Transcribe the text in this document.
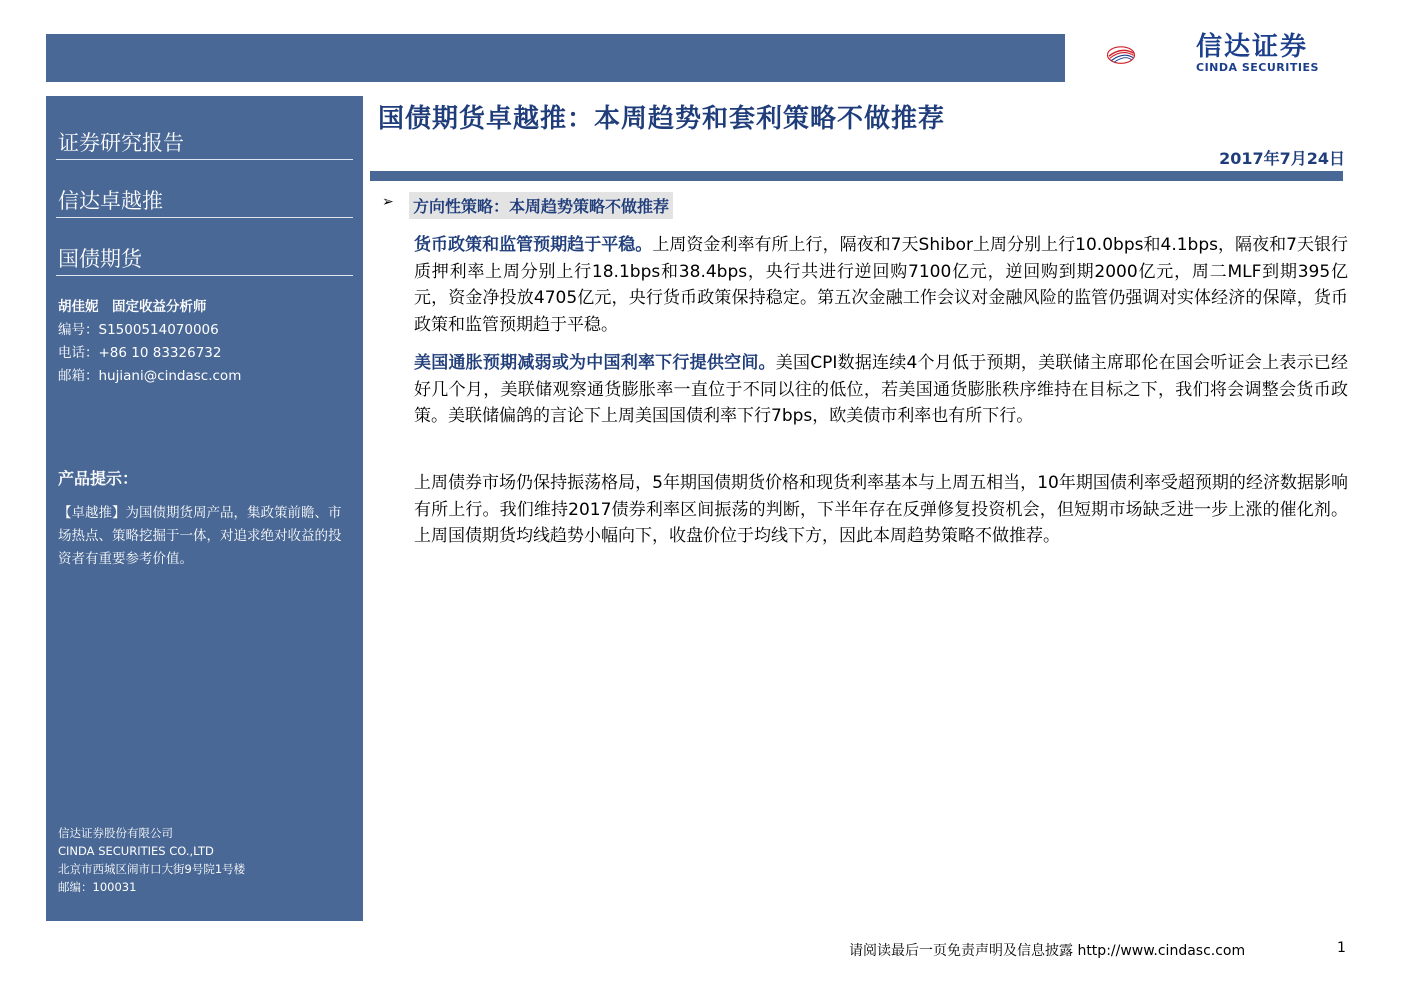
信达证券
CINDA SECURITIES
证券研究报告
信达卓越推
国债期货
胡佳妮　固定收益分析师
编号：S1500514070006
电话：+86 10 83326732
邮箱：hujiani@cindasc.com
产品提示：
【卓越推】为国债期货周产品，集政策前瞻、市场热点、策略挖掘于一体，对追求绝对收益的投资者有重要参考价值。
信达证券股份有限公司
CINDA SECURITIES CO.,LTD
北京市西城区闹市口大街9号院1号楼
邮编：100031
国债期货卓越推：本周趋势和套利策略不做推荐
2017年7月24日
➢ 方向性策略：本周趋势策略不做推荐
货币政策和监管预期趋于平稳。上周资金利率有所上行，隔夜和7天Shibor上周分别上行10.0bps和4.1bps，隔夜和7天银行质押利率上周分别上行18.1bps和38.4bps，央行共进行逆回购7100亿元，逆回购到期2000亿元，周二MLF到期395亿元，资金净投放4705亿元，央行货币政策保持稳定。第五次金融工作会议对金融风险的监管仍强调对实体经济的保障，货币政策和监管预期趋于平稳。
美国通胀预期减弱或为中国利率下行提供空间。美国CPI数据连续4个月低于预期，美联储主席耶伦在国会听证会上表示已经好几个月，美联储观察通货膨胀率一直位于不同以往的低位，若美国通货膨胀秩序维持在目标之下，我们将会调整会货币政策。美联储偏鸽的言论下上周美国国债利率下行7bps，欧美债市利率也有所下行。
上周债券市场仍保持振荡格局，5年期国债期货价格和现货利率基本与上周五相当，10年期国债利率受超预期的经济数据影响有所上行。我们维持2017债券利率区间振荡的判断，下半年存在反弹修复投资机会，但短期市场缺乏进一步上涨的催化剂。上周国债期货均线趋势小幅向下，收盘价位于均线下方，因此本周趋势策略不做推荐。
请阅读最后一页免责声明及信息披露 http://www.cindasc.com	1
